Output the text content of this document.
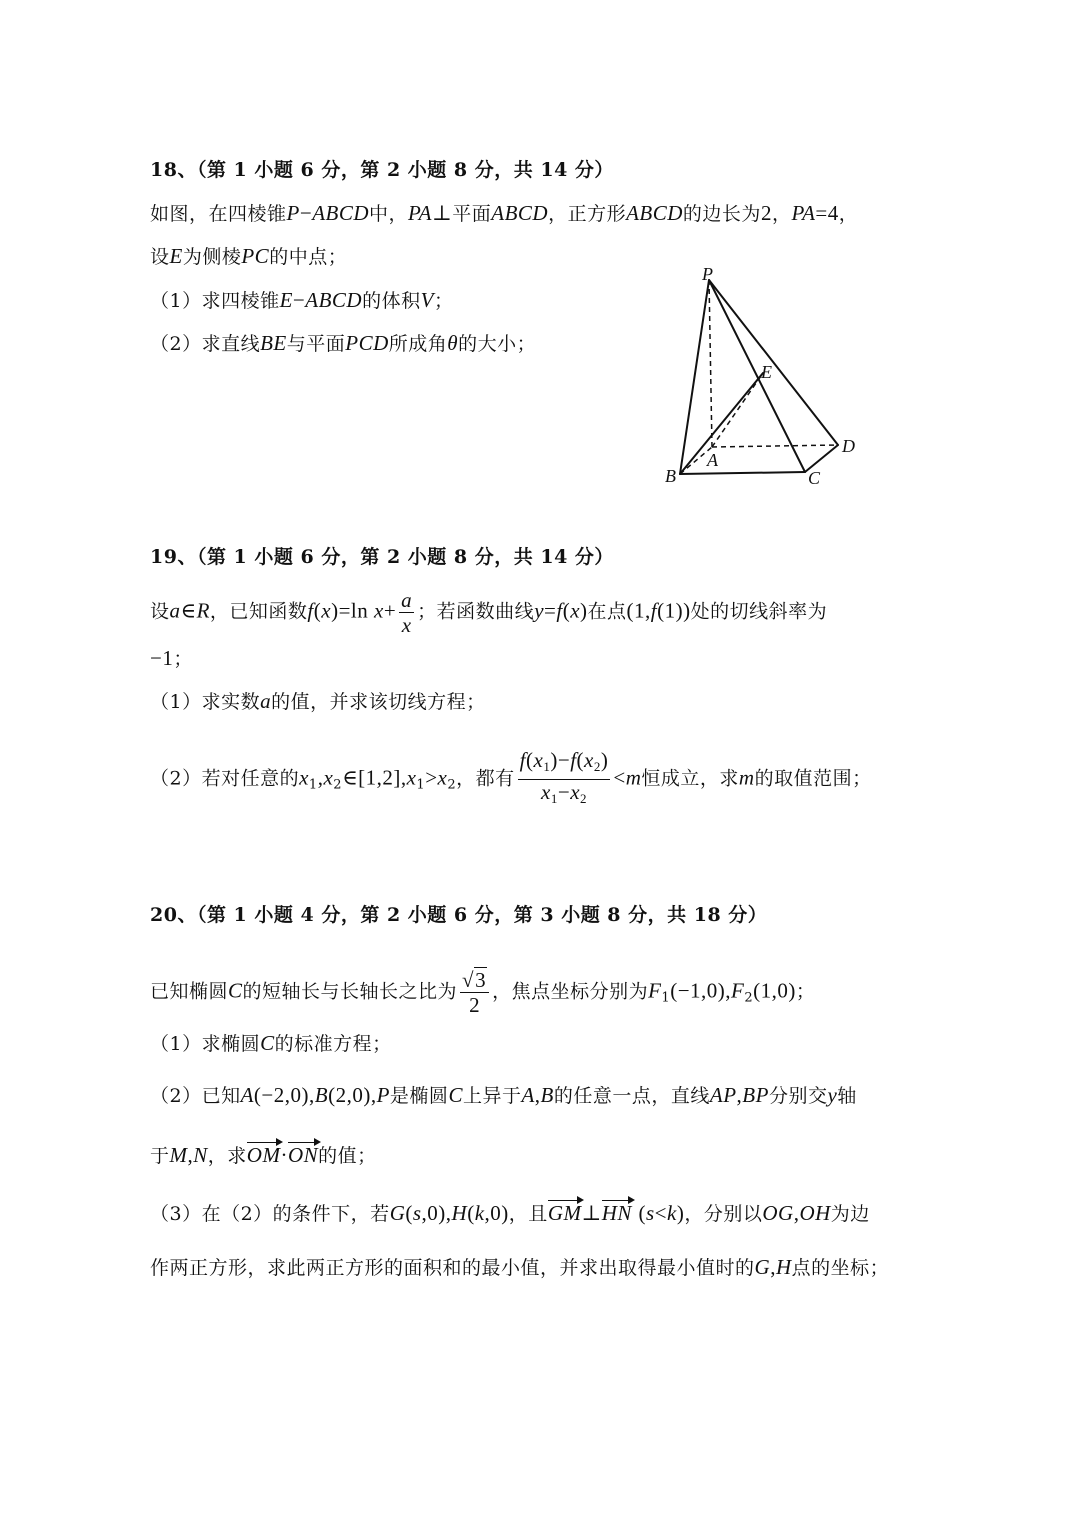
18、（第 1 小题 6 分，第 2 小题 8 分，共 14 分）
如图，在四棱锥P−ABCD中，PA⊥平面ABCD，正方形ABCD的边长为2，PA=4，
设E为侧棱PC的中点；
（1）求四棱锥E−ABCD的体积V；
（2）求直线BE与平面PCD所成角θ的大小；
P
E
A
B	C
D
19、（第 1 小题 6 分，第 2 小题 8 分，共 14 分）
设a∈R，已知函数f(x)=ln $x+ \frac{a}{x}$ ；若函数曲线y=f(x)在点(1,f(1))处的切线斜率为
−1；
（1）求实数a的值，并求该切线方程；
（2）若对任意的$x_1,x_2\in[1,2],x_1>x_2$，都有 $\frac{f(x_1)-f(x_2)}{x_1-x_2} <m$恒成立，求m的取值范围；
20、（第 1 小题 4 分，第 2 小题 6 分，第 3 小题 8 分，共 18 分）
已知椭圆C的短轴长与长轴长之比为 $\frac{√3}{2}$ ，焦点坐标分别为$F_1(-1,0),F_2(1,0)$；
（1）求椭圆C的标准方程；
（2）已知A(−2,0),B(2,0),P是椭圆C上异于A,B的任意一点，直线AP,BP分别交y轴
于M,N，求OM·ON的值；
（3）在（2）的条件下，若G(s,0),H(k,0)，且GM⊥HN (s<k)，分别以OG,OH为边
作两正方形，求此两正方形的面积和的最小值，并求出取得最小值时的G,H点的坐标；
